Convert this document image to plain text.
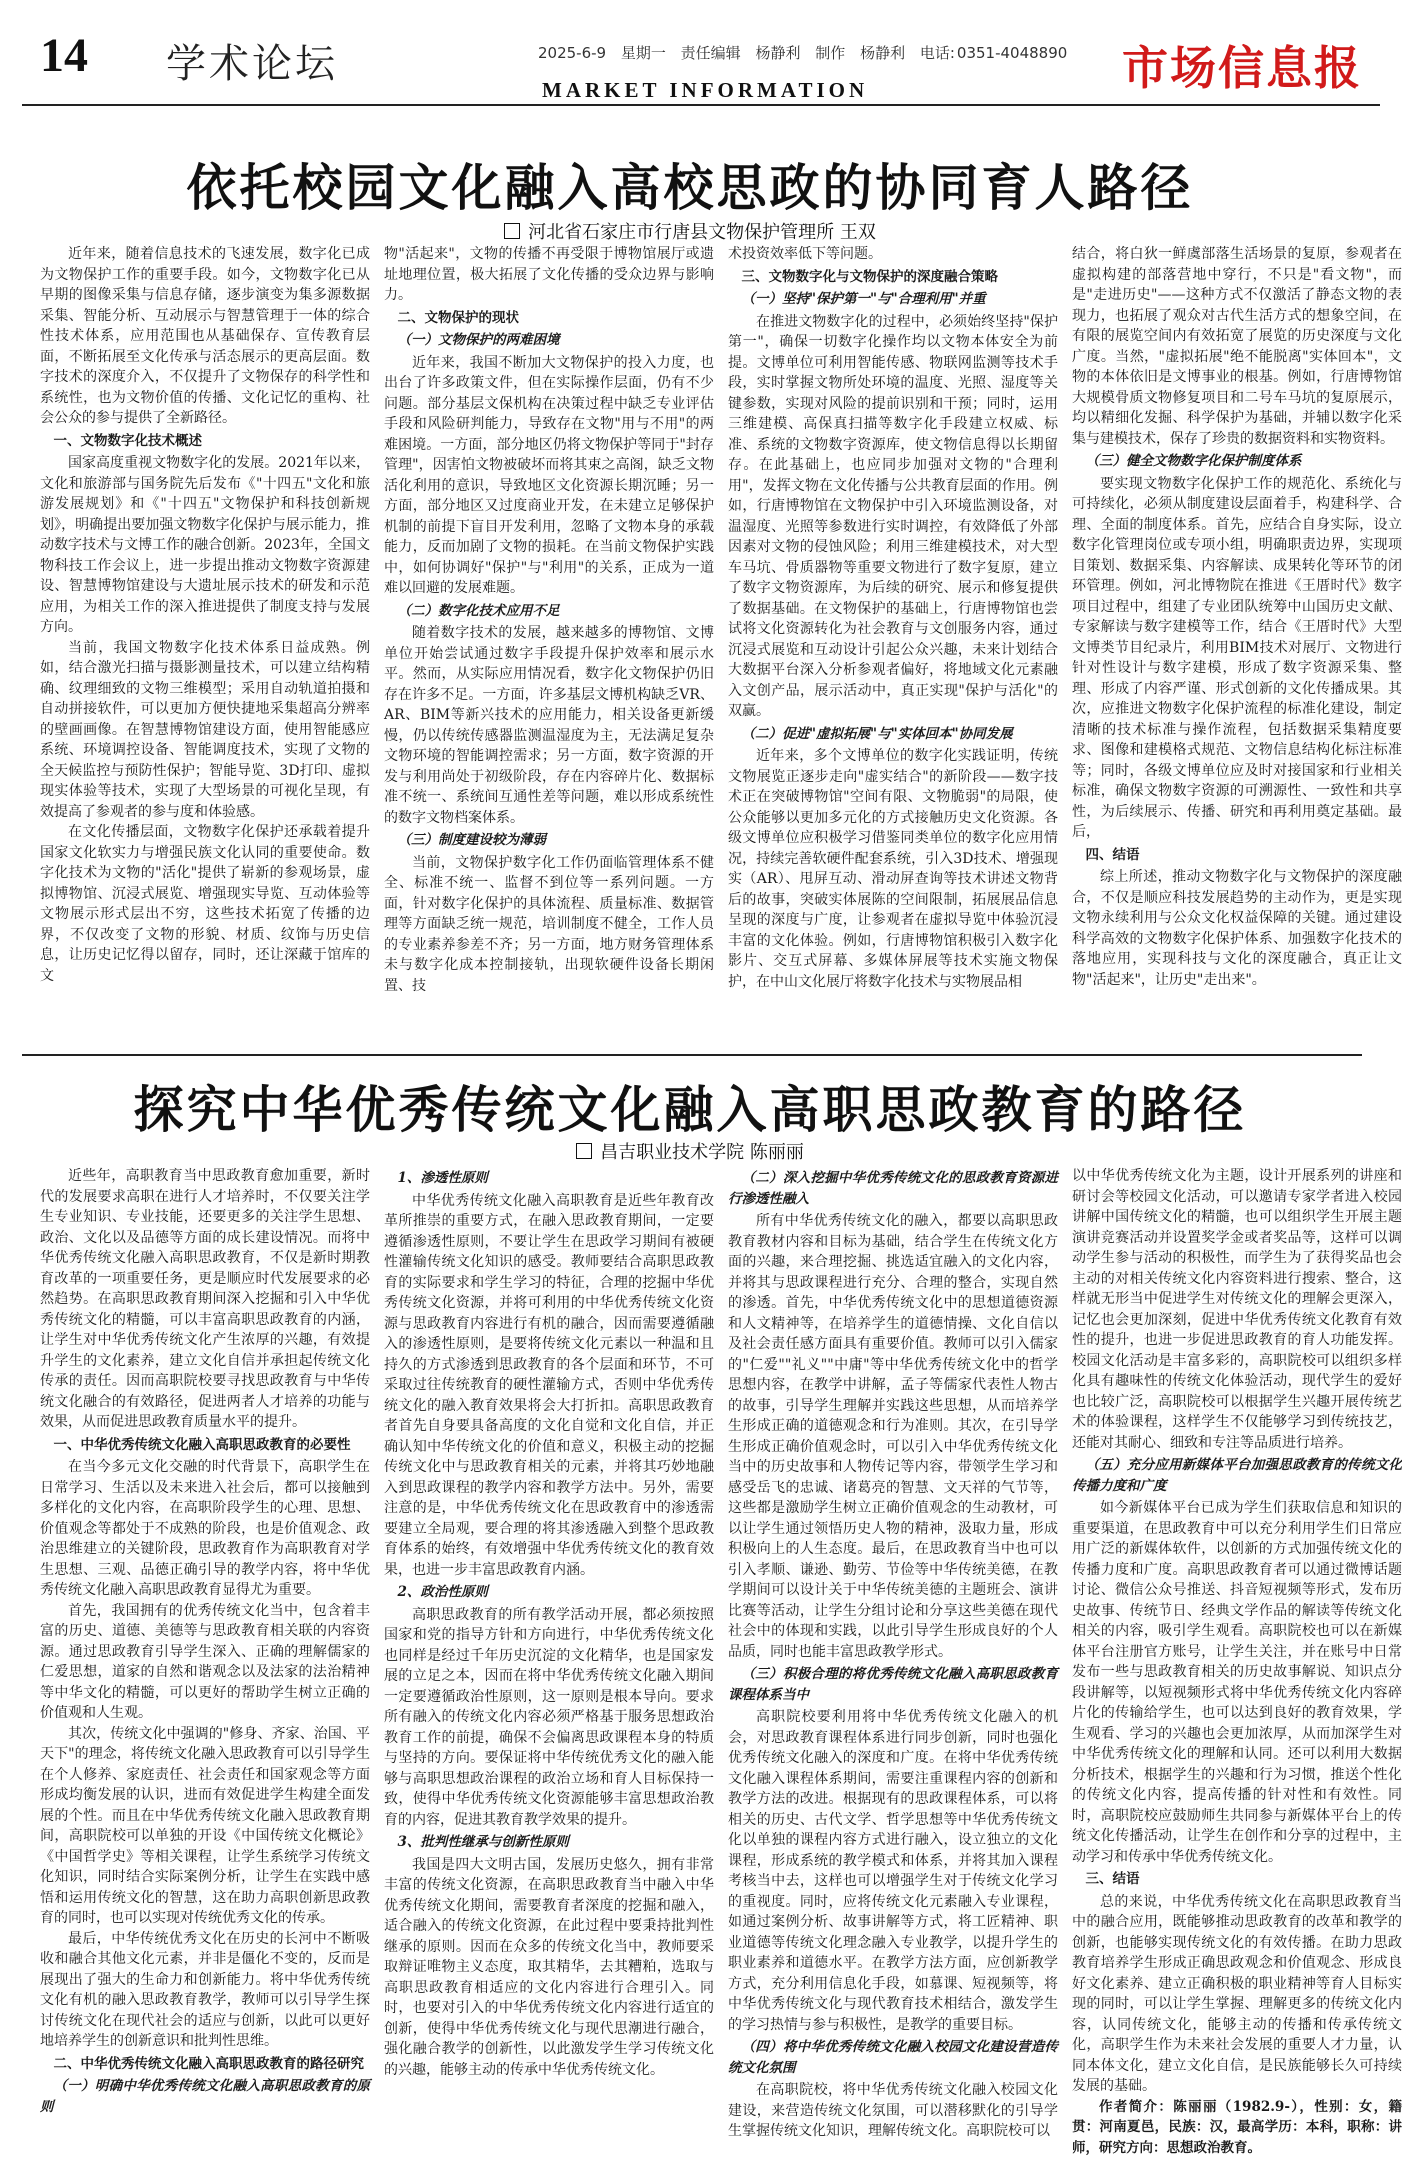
14 学术论坛	2025-6-9 星期一 责任编辑 杨静利 制作 杨静利 电话: 0351-4048890
MARKET INFORMATION	市场信息报
依托校园文化融入高校思政的协同育人路径
河北省石家庄市行唐县文物保护管理所 王双

近年来，随着信息技术的飞速发展，数字化已成为文物保护工作的重要手段。如今，文物数字化已从早期的图像采集与信息存储，逐步演变为集多源数据采集、智能分析、互动展示与智慧管理于一体的综合性技术体系，应用范围也从基础保存、宣传教育层面，不断拓展至文化传承与活态展示的更高层面。数字技术的深度介入，不仅提升了文物保存的科学性和系统性，也为文物价值的传播、文化记忆的重构、社会公众的参与提供了全新路径。

一、文物数字化技术概述

国家高度重视文物数字化的发展。2021年以来，文化和旅游部与国务院先后发布《"十四五"文化和旅游发展规划》和《"十四五"文物保护和科技创新规划》，明确提出要加强文物数字化保护与展示能力，推动数字技术与文博工作的融合创新。2023年，全国文物科技工作会议上，进一步提出推动文物数字资源建设、智慧博物馆建设与大遗址展示技术的研发和示范应用，为相关工作的深入推进提供了制度支持与发展方向。

当前，我国文物数字化技术体系日益成熟。例如，结合激光扫描与摄影测量技术，可以建立结构精确、纹理细致的文物三维模型；采用自动轨道拍摄和自动拼接软件，可以更加方便快捷地采集超高分辨率的壁画画像。在智慧博物馆建设方面，使用智能感应系统、环境调控设备、智能调度技术，实现了文物的全天候监控与预防性保护；智能导览、3D打印、虚拟现实体验等技术，实现了大型场景的可视化呈现，有效提高了参观者的参与度和体验感。

在文化传播层面，文物数字化保护还承载着提升国家文化软实力与增强民族文化认同的重要使命。数字化技术为文物的"活化"提供了崭新的参观场景，虚拟博物馆、沉浸式展览、增强现实导览、互动体验等文物展示形式层出不穷，这些技术拓宽了传播的边界，不仅改变了文物的形貌、材质、纹饰与历史信息，让历史记忆得以留存，同时，还让深藏于馆库的文

物"活起来"，文物的传播不再受限于博物馆展厅或遗址地理位置，极大拓展了文化传播的受众边界与影响力。

二、文物保护的现状

（一）文物保护的两难困境

近年来，我国不断加大文物保护的投入力度，也出台了许多政策文件，但在实际操作层面，仍有不少问题。部分基层文保机构在决策过程中缺乏专业评估手段和风险研判能力，导致存在文物"用与不用"的两难困境。一方面，部分地区仍将文物保护等同于"封存管理"，因害怕文物被破坏而将其束之高阁，缺乏文物活化利用的意识，导致地区文化资源长期沉睡；另一方面，部分地区又过度商业开发，在未建立足够保护机制的前提下盲目开发利用，忽略了文物本身的承载能力，反而加剧了文物的损耗。在当前文物保护实践中，如何协调好"保护"与"利用"的关系，正成为一道难以回避的发展难题。

（二）数字化技术应用不足

随着数字技术的发展，越来越多的博物馆、文博单位开始尝试通过数字手段提升保护效率和展示水平。然而，从实际应用情况看，数字化文物保护仍旧存在许多不足。一方面，许多基层文博机构缺乏VR、AR、BIM等新兴技术的应用能力，相关设备更新缓慢，仍以传统传感器监测温湿度为主，无法满足复杂文物环境的智能调控需求；另一方面，数字资源的开发与利用尚处于初级阶段，存在内容碎片化、数据标准不统一、系统间互通性差等问题，难以形成系统性的数字文物档案体系。

（三）制度建设较为薄弱

当前，文物保护数字化工作仍面临管理体系不健全、标准不统一、监督不到位等一系列问题。一方面，针对数字化保护的具体流程、质量标准、数据管理等方面缺乏统一规范，培训制度不健全，工作人员的专业素养参差不齐；另一方面，地方财务管理体系未与数字化成本控制接轨，出现软硬件设备长期闲置、技

术投资效率低下等问题。

三、文物数字化与文物保护的深度融合策略

（一）坚持"保护第一"与"合理利用"并重

在推进文物数字化的过程中，必须始终坚持"保护第一"，确保一切数字化操作均以文物本体安全为前提。文博单位可利用智能传感、物联网监测等技术手段，实时掌握文物所处环境的温度、光照、湿度等关键参数，实现对风险的提前识别和干预；同时，运用三维建模、高保真扫描等数字化手段建立权威、标准、系统的文物数字资源库，使文物信息得以长期留存。在此基础上，也应同步加强对文物的"合理利用"，发挥文物在文化传播与公共教育层面的作用。例如，行唐博物馆在文物保护中引入环境监测设备，对温湿度、光照等参数进行实时调控，有效降低了外部因素对文物的侵蚀风险；利用三维建模技术，对大型车马坑、骨质器物等重要文物进行了数字复原，建立了数字文物资源库，为后续的研究、展示和修复提供了数据基础。在文物保护的基础上，行唐博物馆也尝试将文化资源转化为社会教育与文创服务内容，通过沉浸式展览和互动设计引起公众兴趣，未来计划结合大数据平台深入分析参观者偏好，将地域文化元素融入文创产品，展示活动中，真正实现"保护与活化"的双赢。

（二）促进"虚拟拓展"与"实体回本"协同发展

近年来，多个文博单位的数字化实践证明，传统文物展览正逐步走向"虚实结合"的新阶段——数字技术正在突破博物馆"空间有限、文物脆弱"的局限，使公众能够以更加多元化的方式接触历史文化资源。各级文博单位应积极学习借鉴同类单位的数字化应用情况，持续完善软硬件配套系统，引入3D技术、增强现实（AR）、甩屏互动、滑动屏查询等技术讲述文物背后的故事，突破实体展陈的空间限制，拓展展品信息呈现的深度与广度，让参观者在虚拟导览中体验沉浸丰富的文化体验。例如，行唐博物馆积极引入数字化影片、交互式屏幕、多媒体屏展等技术实施文物保护，在中山文化展厅将数字化技术与实物展品相

结合，将白狄一鲜虞部落生活场景的复原，参观者在虚拟构建的部落营地中穿行，不只是"看文物"，而是"走进历史"——这种方式不仅激活了静态文物的表现力，也拓展了观众对古代生活方式的想象空间，在有限的展览空间内有效拓宽了展览的历史深度与文化广度。当然，"虚拟拓展"绝不能脱离"实体回本"，文物的本体依旧是文博事业的根基。例如，行唐博物馆大规模骨质文物修复项目和二号车马坑的复原展示，均以精细化发掘、科学保护为基础，并辅以数字化采集与建模技术，保存了珍贵的数据资料和实物资料。

（三）健全文物数字化保护制度体系

要实现文物数字化保护工作的规范化、系统化与可持续化，必须从制度建设层面着手，构建科学、合理、全面的制度体系。首先，应结合自身实际，设立数字化管理岗位或专项小组，明确职责边界，实现项目策划、数据采集、内容解读、成果转化等环节的闭环管理。例如，河北博物院在推进《王厝时代》数字项目过程中，组建了专业团队统筹中山国历史文献、专家解读与数字建模等工作，结合《王厝时代》大型文博类节目纪录片，利用BIM技术对展厅、文物进行针对性设计与数字建模，形成了数字资源采集、整理、形成了内容严谨、形式创新的文化传播成果。其次，应推进文物数字化保护流程的标准化建设，制定清晰的技术标准与操作流程，包括数据采集精度要求、图像和建模格式规范、文物信息结构化标注标准等；同时，各级文博单位应及时对接国家和行业相关标准，确保文物数字资源的可溯源性、一致性和共享性，为后续展示、传播、研究和再利用奠定基础。最后，

四、结语

综上所述，推动文物数字化与文物保护的深度融合，不仅是顺应科技发展趋势的主动作为，更是实现文物永续利用与公众文化权益保障的关键。通过建设科学高效的文物数字化保护体系、加强数字化技术的落地应用，实现科技与文化的深度融合，真正让文物"活起来"，让历史"走出来"。

探究中华优秀传统文化融入高职思政教育的路径
昌吉职业技术学院 陈丽丽

近些年，高职教育当中思政教育愈加重要，新时代的发展要求高职在进行人才培养时，不仅要关注学生专业知识、专业技能，还要更多的关注学生思想、政治、文化以及品德等方面的成长建设情况。而将中华优秀传统文化融入高职思政教育，不仅是新时期教育改革的一项重要任务，更是顺应时代发展要求的必然趋势。在高职思政教育期间深入挖掘和引入中华优秀传统文化的精髓，可以丰富高职思政教育的内涵，让学生对中华优秀传统文化产生浓厚的兴趣，有效提升学生的文化素养，建立文化自信并承担起传统文化传承的责任。因而高职院校要寻找思政教育与中华传统文化融合的有效路径，促进两者人才培养的功能与效果，从而促进思政教育质量水平的提升。

一、中华优秀传统文化融入高职思政教育的必要性

在当今多元文化交融的时代背景下，高职学生在日常学习、生活以及未来进入社会后，都可以接触到多样化的文化内容，在高职阶段学生的心理、思想、价值观念等都处于不成熟的阶段，也是价值观念、政治思维建立的关键阶段，思政教育作为高职教育对学生思想、三观、品德正确引导的教学内容，将中华优秀传统文化融入高职思政教育显得尤为重要。

首先，我国拥有的优秀传统文化当中，包含着丰富的历史、道德、美德等与思政教育相关联的内容资源。通过思政教育引导学生深入、正确的理解儒家的仁爱思想，道家的自然和谐观念以及法家的法治精神等中华文化的精髓，可以更好的帮助学生树立正确的价值观和人生观。

其次，传统文化中强调的"修身、齐家、治国、平天下"的理念，将传统文化融入思政教育可以引导学生在个人修养、家庭责任、社会责任和国家观念等方面形成均衡发展的认识，进而有效促进学生构建全面发展的个性。而且在中华优秀传统文化融入思政教育期间，高职院校可以单独的开设《中国传统文化概论》《中国哲学史》等相关课程，让学生系统学习传统文化知识，同时结合实际案例分析，让学生在实践中感悟和运用传统文化的智慧，这在助力高职创新思政教育的同时，也可以实现对传统优秀文化的传承。

最后，中华传统优秀文化在历史的长河中不断吸收和融合其他文化元素，并非是僵化不变的，反而是展现出了强大的生命力和创新能力。将中华优秀传统文化有机的融入思政教育教学，教师可以引导学生探讨传统文化在现代社会的适应与创新，以此可以更好地培养学生的创新意识和批判性思维。

二、中华优秀传统文化融入高职思政教育的路径研究

（一）明确中华优秀传统文化融入高职思政教育的原则

1、渗透性原则

中华优秀传统文化融入高职教育是近些年教育改革所推崇的重要方式，在融入思政教育期间，一定要遵循渗透性原则，不要让学生在思政学习期间有被硬性灌输传统文化知识的感受。教师要结合高职思政教育的实际要求和学生学习的特征，合理的挖掘中华优秀传统文化资源，并将可利用的中华优秀传统文化资源与思政教育内容进行有机的融合，因而需要遵循融入的渗透性原则，是要将传统文化元素以一种温和且持久的方式渗透到思政教育的各个层面和环节，不可采取过往传统教育的硬性灌输方式，否则中华优秀传统文化的融入教育效果将会大打折扣。高职思政教育者首先自身要具备高度的文化自觉和文化自信，并正确认知中华传统文化的价值和意义，积极主动的挖掘传统文化中与思政教育相关的元素，并将其巧妙地融入到思政课程的教学内容和教学方法中。另外，需要注意的是，中华优秀传统文化在思政教育中的渗透需要建立全局观，要合理的将其渗透融入到整个思政教育体系的始终，有效增强中华优秀传统文化的教育效果，也进一步丰富思政教育内涵。

2、政治性原则

高职思政教育的所有教学活动开展，都必须按照国家和党的指导方针和方向进行，中华优秀传统文化也同样是经过千年历史沉淀的文化精华，也是国家发展的立足之本，因而在将中华优秀传统文化融入期间一定要遵循政治性原则，这一原则是根本导向。要求所有融入的传统文化内容必须严格基于服务思想政治教育工作的前提，确保不会偏离思政课程本身的特质与坚持的方向。要保证将中华传统优秀文化的融入能够与高职思想政治课程的政治立场和育人目标保持一致，使得中华优秀传统文化资源能够丰富思想政治教育的内容，促进其教育教学效果的提升。

3、批判性继承与创新性原则

我国是四大文明古国，发展历史悠久，拥有非常丰富的传统文化资源，在高职思政教育当中融入中华优秀传统文化期间，需要教育者深度的挖掘和融入，适合融入的传统文化资源，在此过程中要秉持批判性继承的原则。因而在众多的传统文化当中，教师要采取辩证唯物主义态度，取其精华，去其糟粕，选取与高职思政教育相适应的文化内容进行合理引入。同时，也要对引入的中华优秀传统文化内容进行适宜的创新，使得中华优秀传统文化与现代思潮进行融合，强化融合教学的创新性，以此激发学生学习传统文化的兴趣，能够主动的传承中华优秀传统文化。

（二）深入挖掘中华优秀传统文化的思政教育资源进行渗透性融入

所有中华优秀传统文化的融入，都要以高职思政教育教材内容和目标为基础，结合学生在传统文化方面的兴趣，来合理挖掘、挑选适宜融入的文化内容，并将其与思政课程进行充分、合理的整合，实现自然的渗透。首先，中华优秀传统文化中的思想道德资源和人文精神等，在培养学生的道德情操、文化自信以及社会责任感方面具有重要价值。教师可以引入儒家的"仁爱""礼义""中庸"等中华优秀传统文化中的哲学思想内容，在教学中讲解，孟子等儒家代表性人物古的故事，引导学生理解并实践这些思想，从而培养学生形成正确的道德观念和行为准则。其次，在引导学生形成正确价值观念时，可以引入中华优秀传统文化当中的历史故事和人物传记等内容，带领学生学习和感受岳飞的忠诚、诸葛亮的智慧、文天祥的气节等，这些都是激励学生树立正确价值观念的生动教材，可以让学生通过领悟历史人物的精神，汲取力量，形成积极向上的人生态度。最后，在思政教育当中也可以引入孝顺、谦逊、勤劳、节俭等中华传统美德，在教学期间可以设计关于中华传统美德的主题班会、演讲比赛等活动，让学生分组讨论和分享这些美德在现代社会中的体现和实践，以此引导学生形成良好的个人品质，同时也能丰富思政教学形式。

（三）积极合理的将优秀传统文化融入高职思政教育课程体系当中

高职院校要利用将中华优秀传统文化融入的机会，对思政教育课程体系进行同步创新，同时也强化优秀传统文化融入的深度和广度。在将中华优秀传统文化融入课程体系期间，需要注重课程内容的创新和教学方法的改进。根据现有的思政课程体系，可以将相关的历史、古代文学、哲学思想等中华优秀传统文化以单独的课程内容方式进行融入，设立独立的文化课程，形成系统的教学模式和体系，并将其加入课程考核当中去，这样也可以增强学生对于传统文化学习的重视度。同时，应将传统文化元素融入专业课程，如通过案例分析、故事讲解等方式，将工匠精神、职业道德等传统文化理念融入专业教学，以提升学生的职业素养和道德水平。在教学方法方面，应创新教学方式，充分利用信息化手段，如慕课、短视频等，将中华优秀传统文化与现代教育技术相结合，激发学生的学习热情与参与积极性，是教学的重要目标。

（四）将中华优秀传统文化融入校园文化建设营造传统文化氛围

在高职院校，将中华优秀传统文化融入校园文化建设，来营造传统文化氛围，可以潜移默化的引导学生掌握传统文化知识，理解传统文化。高职院校可以

以中华优秀传统文化为主题，设计开展系列的讲座和研讨会等校园文化活动，可以邀请专家学者进入校园讲解中国传统文化的精髓，也可以组织学生开展主题演讲竞赛活动并设置奖学金或者奖品等，这样可以调动学生参与活动的积极性，而学生为了获得奖品也会主动的对相关传统文化内容资料进行搜索、整合，这样就无形当中促进学生对传统文化的理解会更深入，记忆也会更加深刻，促进中华优秀传统文化教育有效性的提升，也进一步促进思政教育的育人功能发挥。校园文化活动是丰富多彩的，高职院校可以组织多样化具有趣味性的传统文化体验活动，现代学生的爱好也比较广泛，高职院校可以根据学生兴趣开展传统艺术的体验课程，这样学生不仅能够学习到传统技艺，还能对其耐心、细致和专注等品质进行培养。

（五）充分应用新媒体平台加强思政教育的传统文化传播力度和广度

如今新媒体平台已成为学生们获取信息和知识的重要渠道，在思政教育中可以充分利用学生们日常应用广泛的新媒体软件，以创新的方式加强传统文化的传播力度和广度。高职思政教育者可以通过微博话题讨论、微信公众号推送、抖音短视频等形式，发布历史故事、传统节日、经典文学作品的解读等传统文化相关的内容，吸引学生观看。高职院校也可以在新媒体平台注册官方账号，让学生关注，并在账号中日常发布一些与思政教育相关的历史故事解说、知识点分段讲解等，以短视频形式将中华优秀传统文化内容碎片化的传输给学生，也可以达到良好的教育效果，学生观看、学习的兴趣也会更加浓厚，从而加深学生对中华优秀传统文化的理解和认同。还可以利用大数据分析技术，根据学生的兴趣和行为习惯，推送个性化的传统文化内容，提高传播的针对性和有效性。同时，高职院校应鼓励师生共同参与新媒体平台上的传统文化传播活动，让学生在创作和分享的过程中，主动学习和传承中华优秀传统文化。

三、结语

总的来说，中华优秀传统文化在高职思政教育当中的融合应用，既能够推动思政教育的改革和教学的创新，也能够实现传统文化的有效传播。在助力思政教育培养学生形成正确思政观念和价值观念、形成良好文化素养、建立正确积极的职业精神等育人目标实现的同时，可以让学生掌握、理解更多的传统文化内容，认同传统文化，能够主动的传播和传承传统文化，高职学生作为未来社会发展的重要人才力量，认同本体文化，建立文化自信，是民族能够长久可持续发展的基础。

作者简介：陈丽丽（1982.9-），性别：女，籍贯：河南夏邑，民族：汉，最高学历：本科，职称：讲师，研究方向：思想政治教育。
